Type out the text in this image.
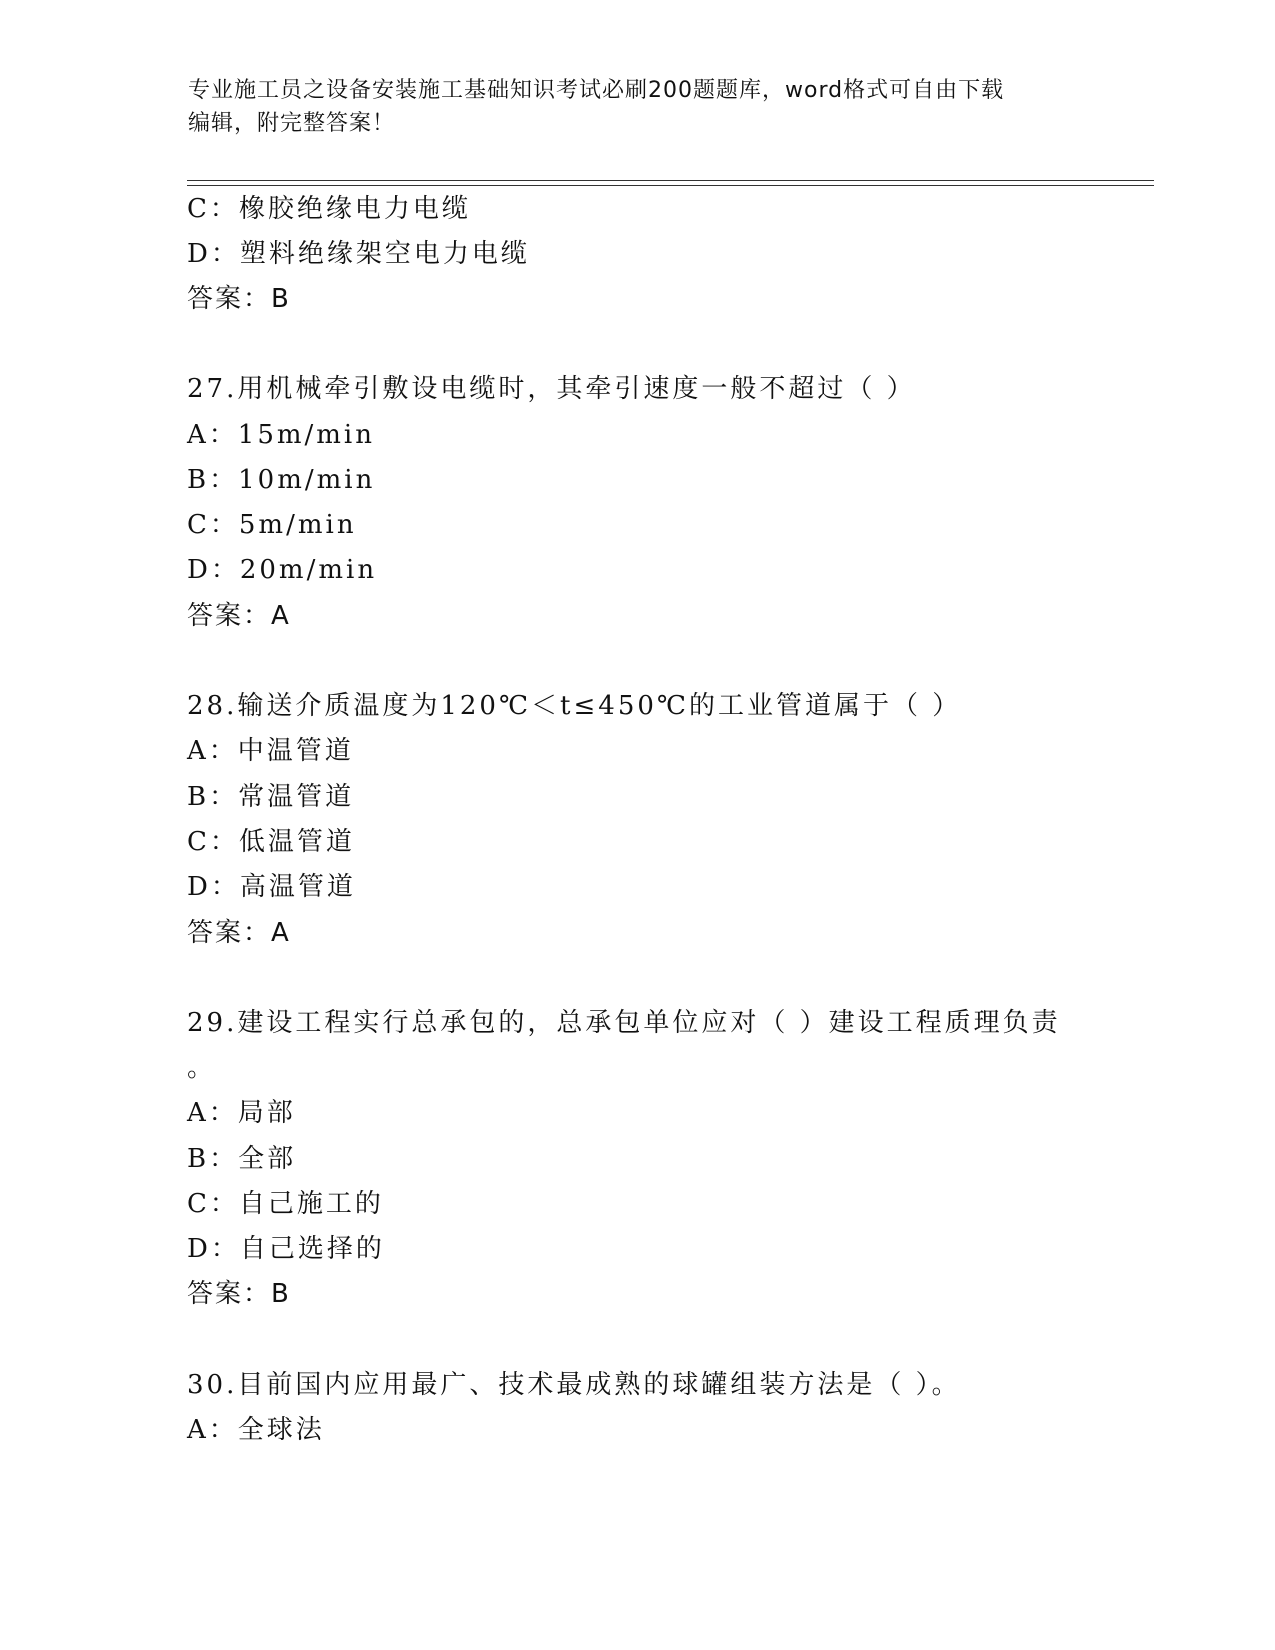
专业施工员之设备安装施工基础知识考试必刷200题题库，word格式可自由下载
编辑，附完整答案！
C：橡胶绝缘电力电缆
D：塑料绝缘架空电力电缆
答案：B
27.用机械牵引敷设电缆时，其牵引速度一般不超过（ ）
A：15m/min
B：10m/min
C：5m/min
D：20m/min
答案：A
28.输送介质温度为120℃＜t≤450℃的工业管道属于（ ）
A：中温管道
B：常温管道
C：低温管道
D：高温管道
答案：A
29.建设工程实行总承包的，总承包单位应对（ ）建设工程质理负责
。
A：局部
B：全部
C：自己施工的
D：自己选择的
答案：B
30.目前国内应用最广、技术最成熟的球罐组装方法是（ ）。
A：全球法
